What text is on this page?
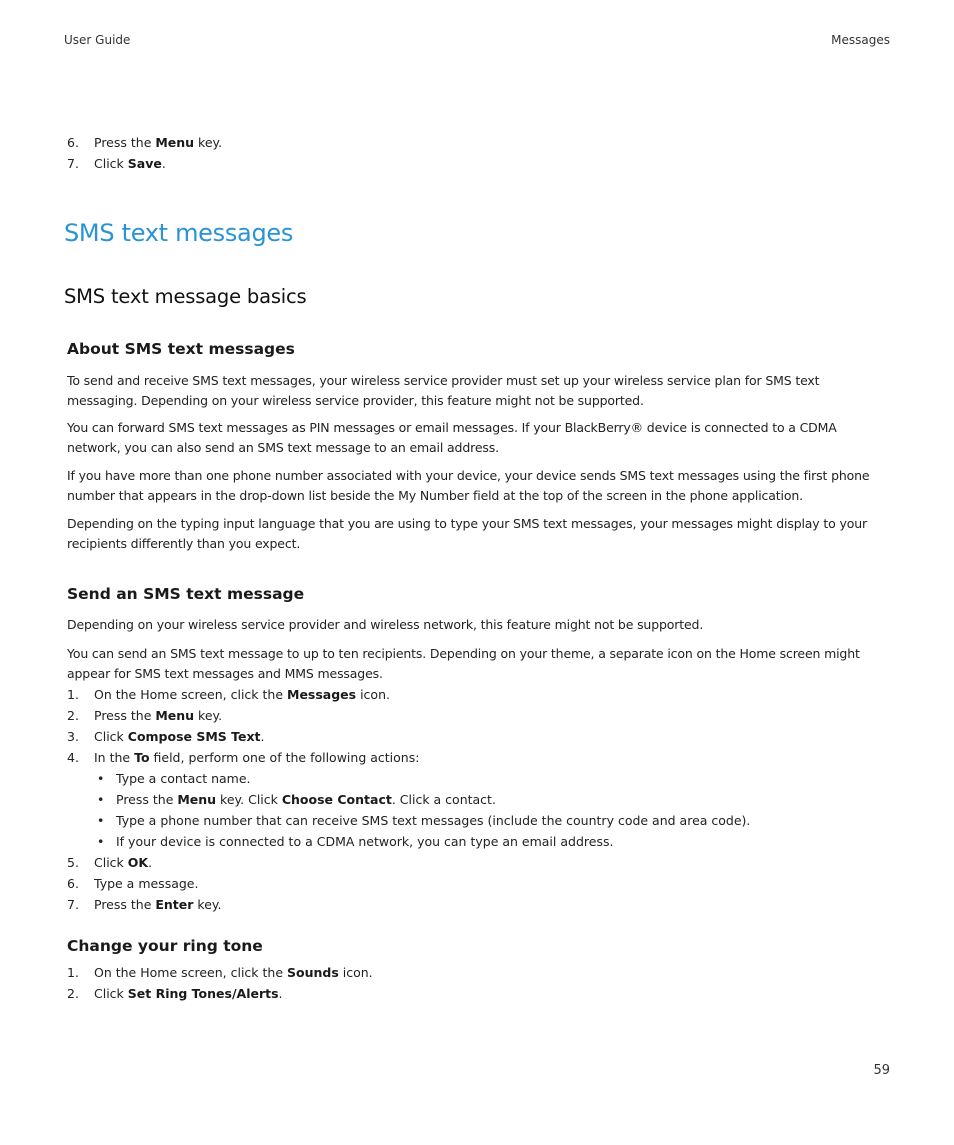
User Guide	Messages
6. Press the Menu key.
7. Click Save.
SMS text messages
SMS text message basics
About SMS text messages

To send and receive SMS text messages, your wireless service provider must set up your wireless service plan for SMS text messaging. Depending on your wireless service provider, this feature might not be supported.

You can forward SMS text messages as PIN messages or email messages. If your BlackBerry® device is connected to a CDMA network, you can also send an SMS text message to an email address.

If you have more than one phone number associated with your device, your device sends SMS text messages using the first phone number that appears in the drop-down list beside the My Number field at the top of the screen in the phone application.

Depending on the typing input language that you are using to type your SMS text messages, your messages might display to your recipients differently than you expect.

Send an SMS text message

Depending on your wireless service provider and wireless network, this feature might not be supported.

You can send an SMS text message to up to ten recipients. Depending on your theme, a separate icon on the Home screen might appear for SMS text messages and MMS messages.

1. On the Home screen, click the Messages icon.
2. Press the Menu key.
3. Click Compose SMS Text.
4. In the To field, perform one of the following actions:
• Type a contact name.
• Press the Menu key. Click Choose Contact. Click a contact.
• Type a phone number that can receive SMS text messages (include the country code and area code).
• If your device is connected to a CDMA network, you can type an email address.
5. Click OK.
6. Type a message.
7. Press the Enter key.
Change your ring tone
1. On the Home screen, click the Sounds icon.
2. Click Set Ring Tones/Alerts.
59
